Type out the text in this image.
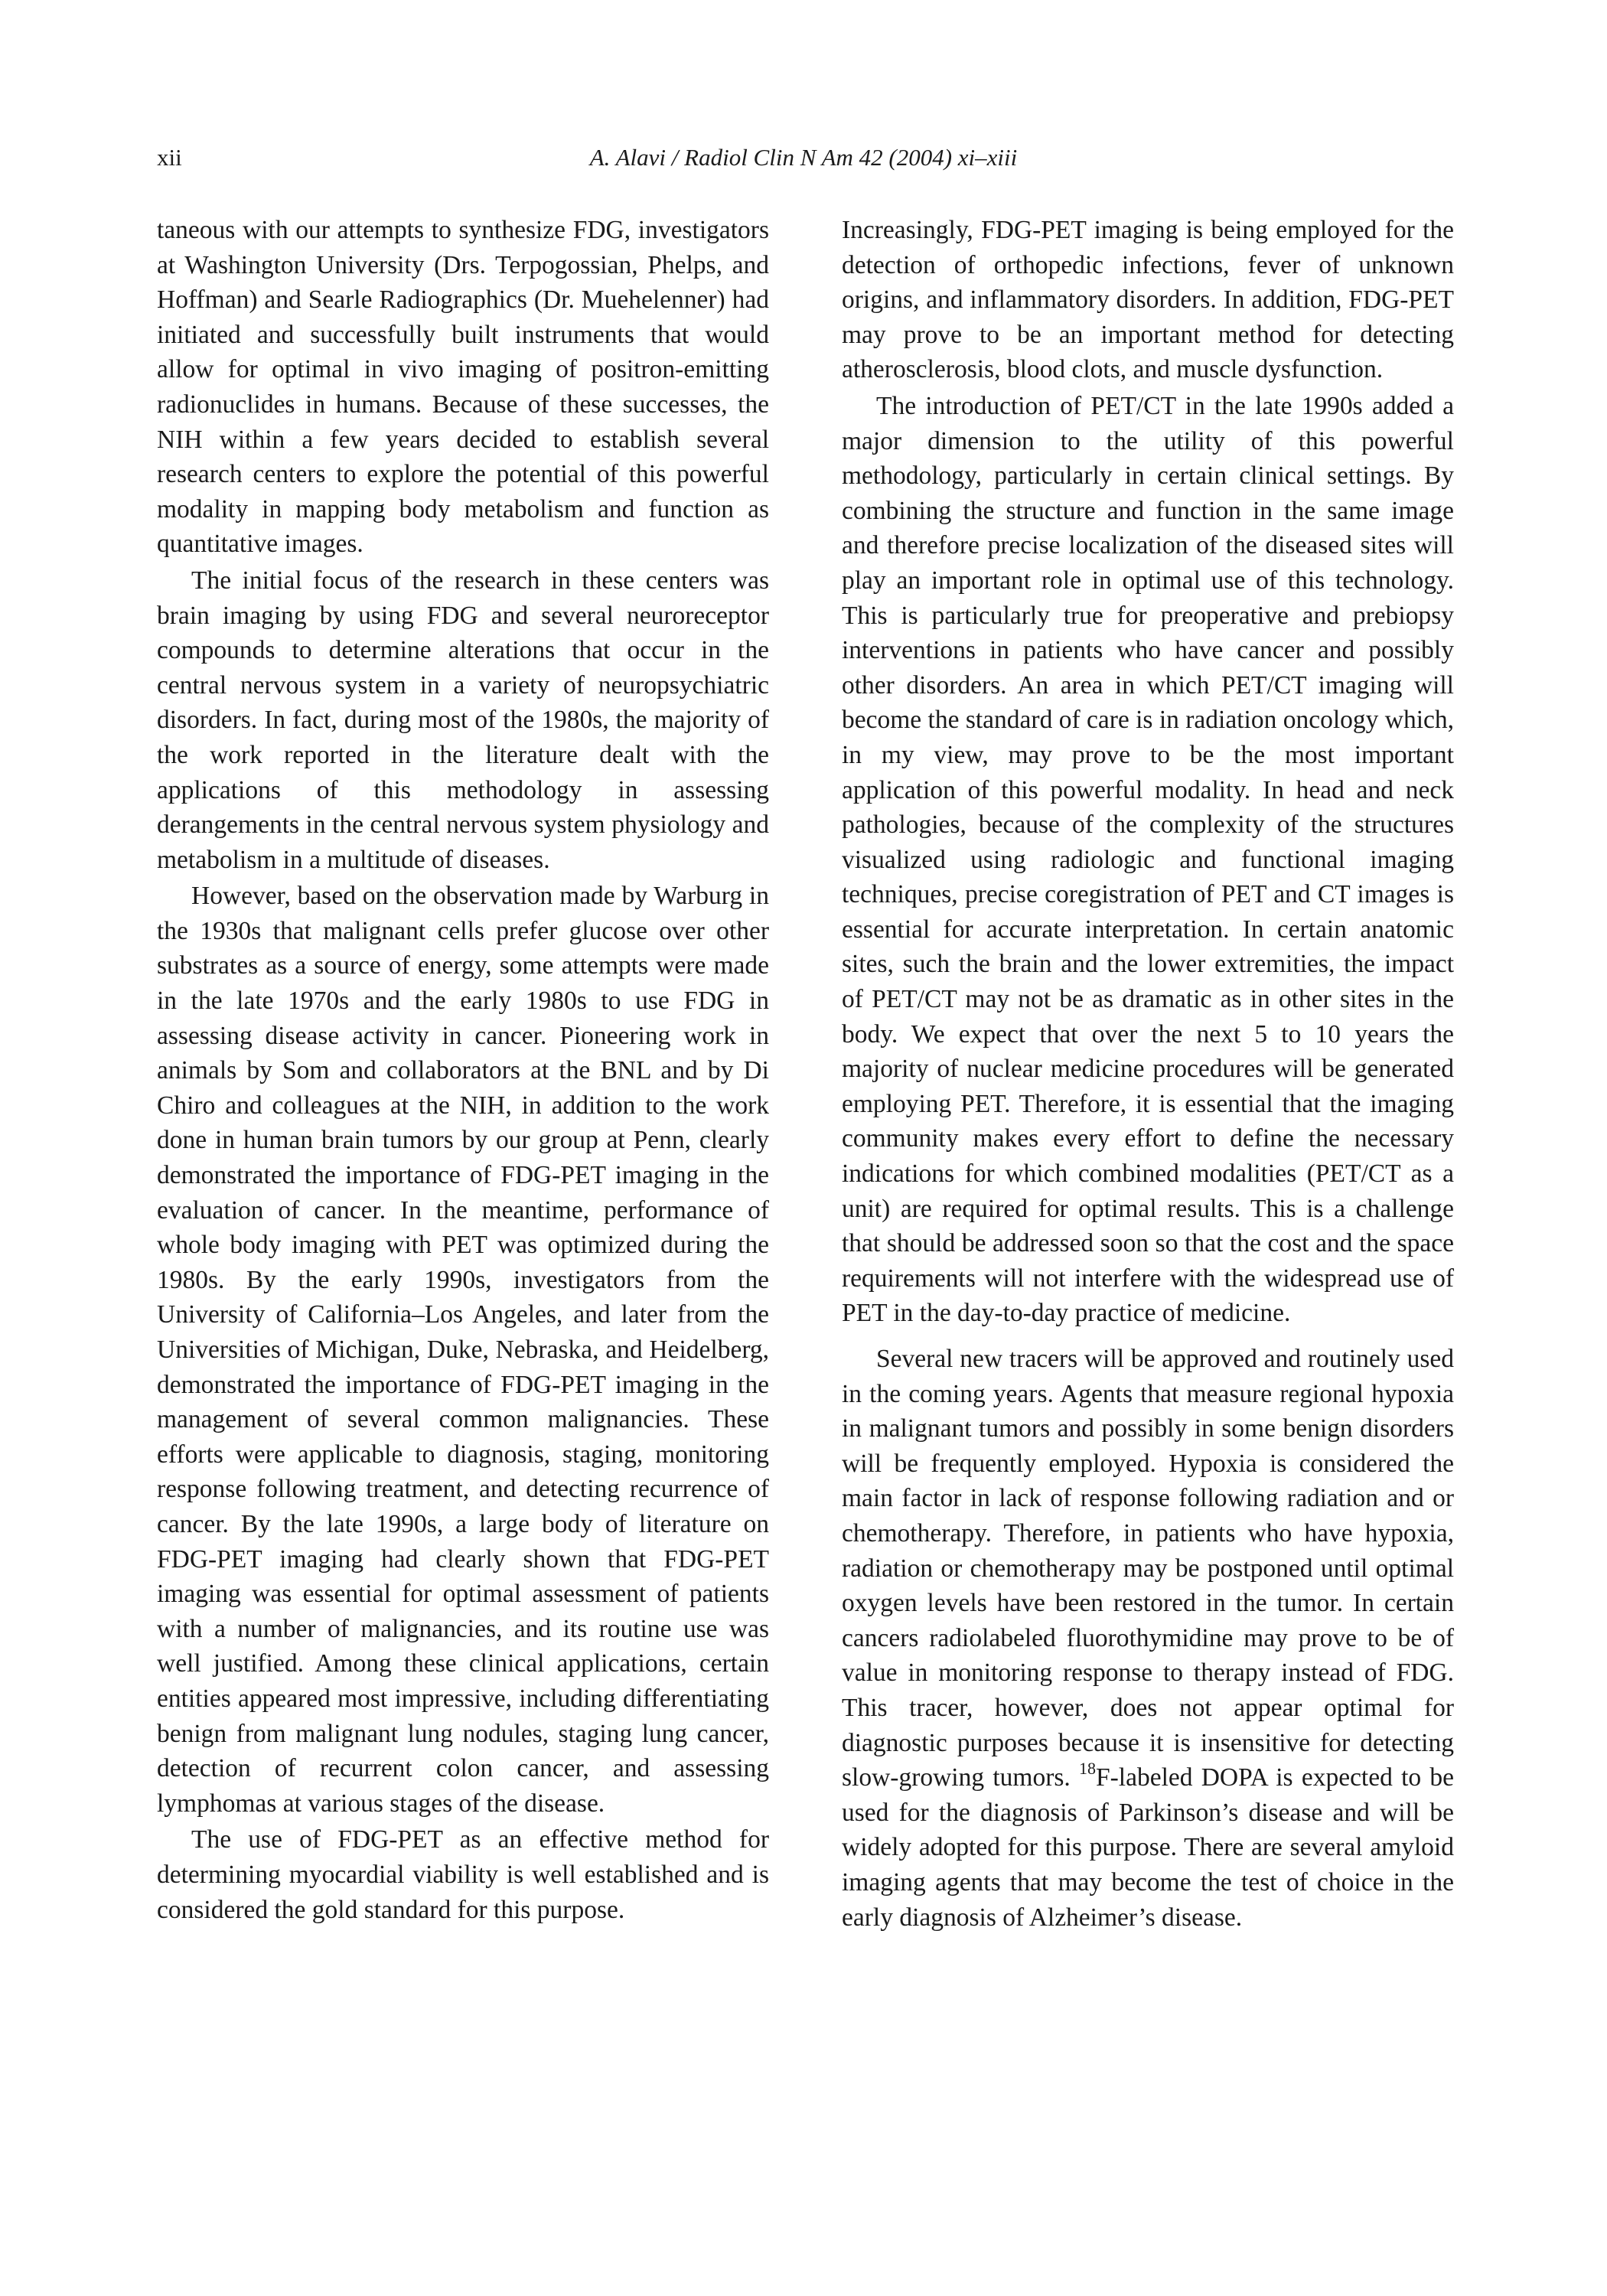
xii	A. Alavi / Radiol Clin N Am 42 (2004) xi–xiii

taneous with our attempts to synthesize FDG, investigators at Washington University (Drs. Terpogossian, Phelps, and Hoffman) and Searle Radiographics (Dr. Muehelenner) had initiated and successfully built instruments that would allow for optimal in vivo imaging of positron-emitting radionuclides in humans. Because of these successes, the NIH within a few years decided to establish several research centers to explore the potential of this powerful modality in mapping body metabolism and function as quantitative images.

The initial focus of the research in these centers was brain imaging by using FDG and several neuroreceptor compounds to determine alterations that occur in the central nervous system in a variety of neuropsychiatric disorders. In fact, during most of the 1980s, the majority of the work reported in the literature dealt with the applications of this methodology in assessing derangements in the central nervous system physiology and metabolism in a multitude of diseases.

However, based on the observation made by Warburg in the 1930s that malignant cells prefer glucose over other substrates as a source of energy, some attempts were made in the late 1970s and the early 1980s to use FDG in assessing disease activity in cancer. Pioneering work in animals by Som and collaborators at the BNL and by Di Chiro and colleagues at the NIH, in addition to the work done in human brain tumors by our group at Penn, clearly demonstrated the importance of FDG-PET imaging in the evaluation of cancer. In the meantime, performance of whole body imaging with PET was optimized during the 1980s. By the early 1990s, investigators from the University of California–Los Angeles, and later from the Universities of Michigan, Duke, Nebraska, and Heidelberg, demonstrated the importance of FDG-PET imaging in the management of several common malignancies. These efforts were applicable to diagnosis, staging, monitoring response following treatment, and detecting recurrence of cancer. By the late 1990s, a large body of literature on FDG-PET imaging had clearly shown that FDG-PET imaging was essential for optimal assessment of patients with a number of malignancies, and its routine use was well justified. Among these clinical applications, certain entities appeared most impressive, including differentiating benign from malignant lung nodules, staging lung cancer, detection of recurrent colon cancer, and assessing lymphomas at various stages of the disease.

The use of FDG-PET as an effective method for determining myocardial viability is well established and is considered the gold standard for this purpose.

Increasingly, FDG-PET imaging is being employed for the detection of orthopedic infections, fever of unknown origins, and inflammatory disorders. In addition, FDG-PET may prove to be an important method for detecting atherosclerosis, blood clots, and muscle dysfunction.

The introduction of PET/CT in the late 1990s added a major dimension to the utility of this powerful methodology, particularly in certain clinical settings. By combining the structure and function in the same image and therefore precise localization of the diseased sites will play an important role in optimal use of this technology. This is particularly true for preoperative and prebiopsy interventions in patients who have cancer and possibly other disorders. An area in which PET/CT imaging will become the standard of care is in radiation oncology which, in my view, may prove to be the most important application of this powerful modality. In head and neck pathologies, because of the complexity of the structures visualized using radiologic and functional imaging techniques, precise coregistration of PET and CT images is essential for accurate interpretation. In certain anatomic sites, such the brain and the lower extremities, the impact of PET/CT may not be as dramatic as in other sites in the body. We expect that over the next 5 to 10 years the majority of nuclear medicine procedures will be generated employing PET. Therefore, it is essential that the imaging community makes every effort to define the necessary indications for which combined modalities (PET/CT as a unit) are required for optimal results. This is a challenge that should be addressed soon so that the cost and the space requirements will not interfere with the widespread use of PET in the day-to-day practice of medicine.

Several new tracers will be approved and routinely used in the coming years. Agents that measure regional hypoxia in malignant tumors and possibly in some benign disorders will be frequently employed. Hypoxia is considered the main factor in lack of response following radiation and or chemotherapy. Therefore, in patients who have hypoxia, radiation or chemotherapy may be postponed until optimal oxygen levels have been restored in the tumor. In certain cancers radiolabeled fluorothymidine may prove to be of value in monitoring response to therapy instead of FDG. This tracer, however, does not appear optimal for diagnostic purposes because it is insensitive for detecting slow-growing tumors. $^{18}$F-labeled DOPA is expected to be used for the diagnosis of Parkinson’s disease and will be widely adopted for this purpose. There are several amyloid imaging agents that may become the test of choice in the early diagnosis of Alzheimer’s disease.
